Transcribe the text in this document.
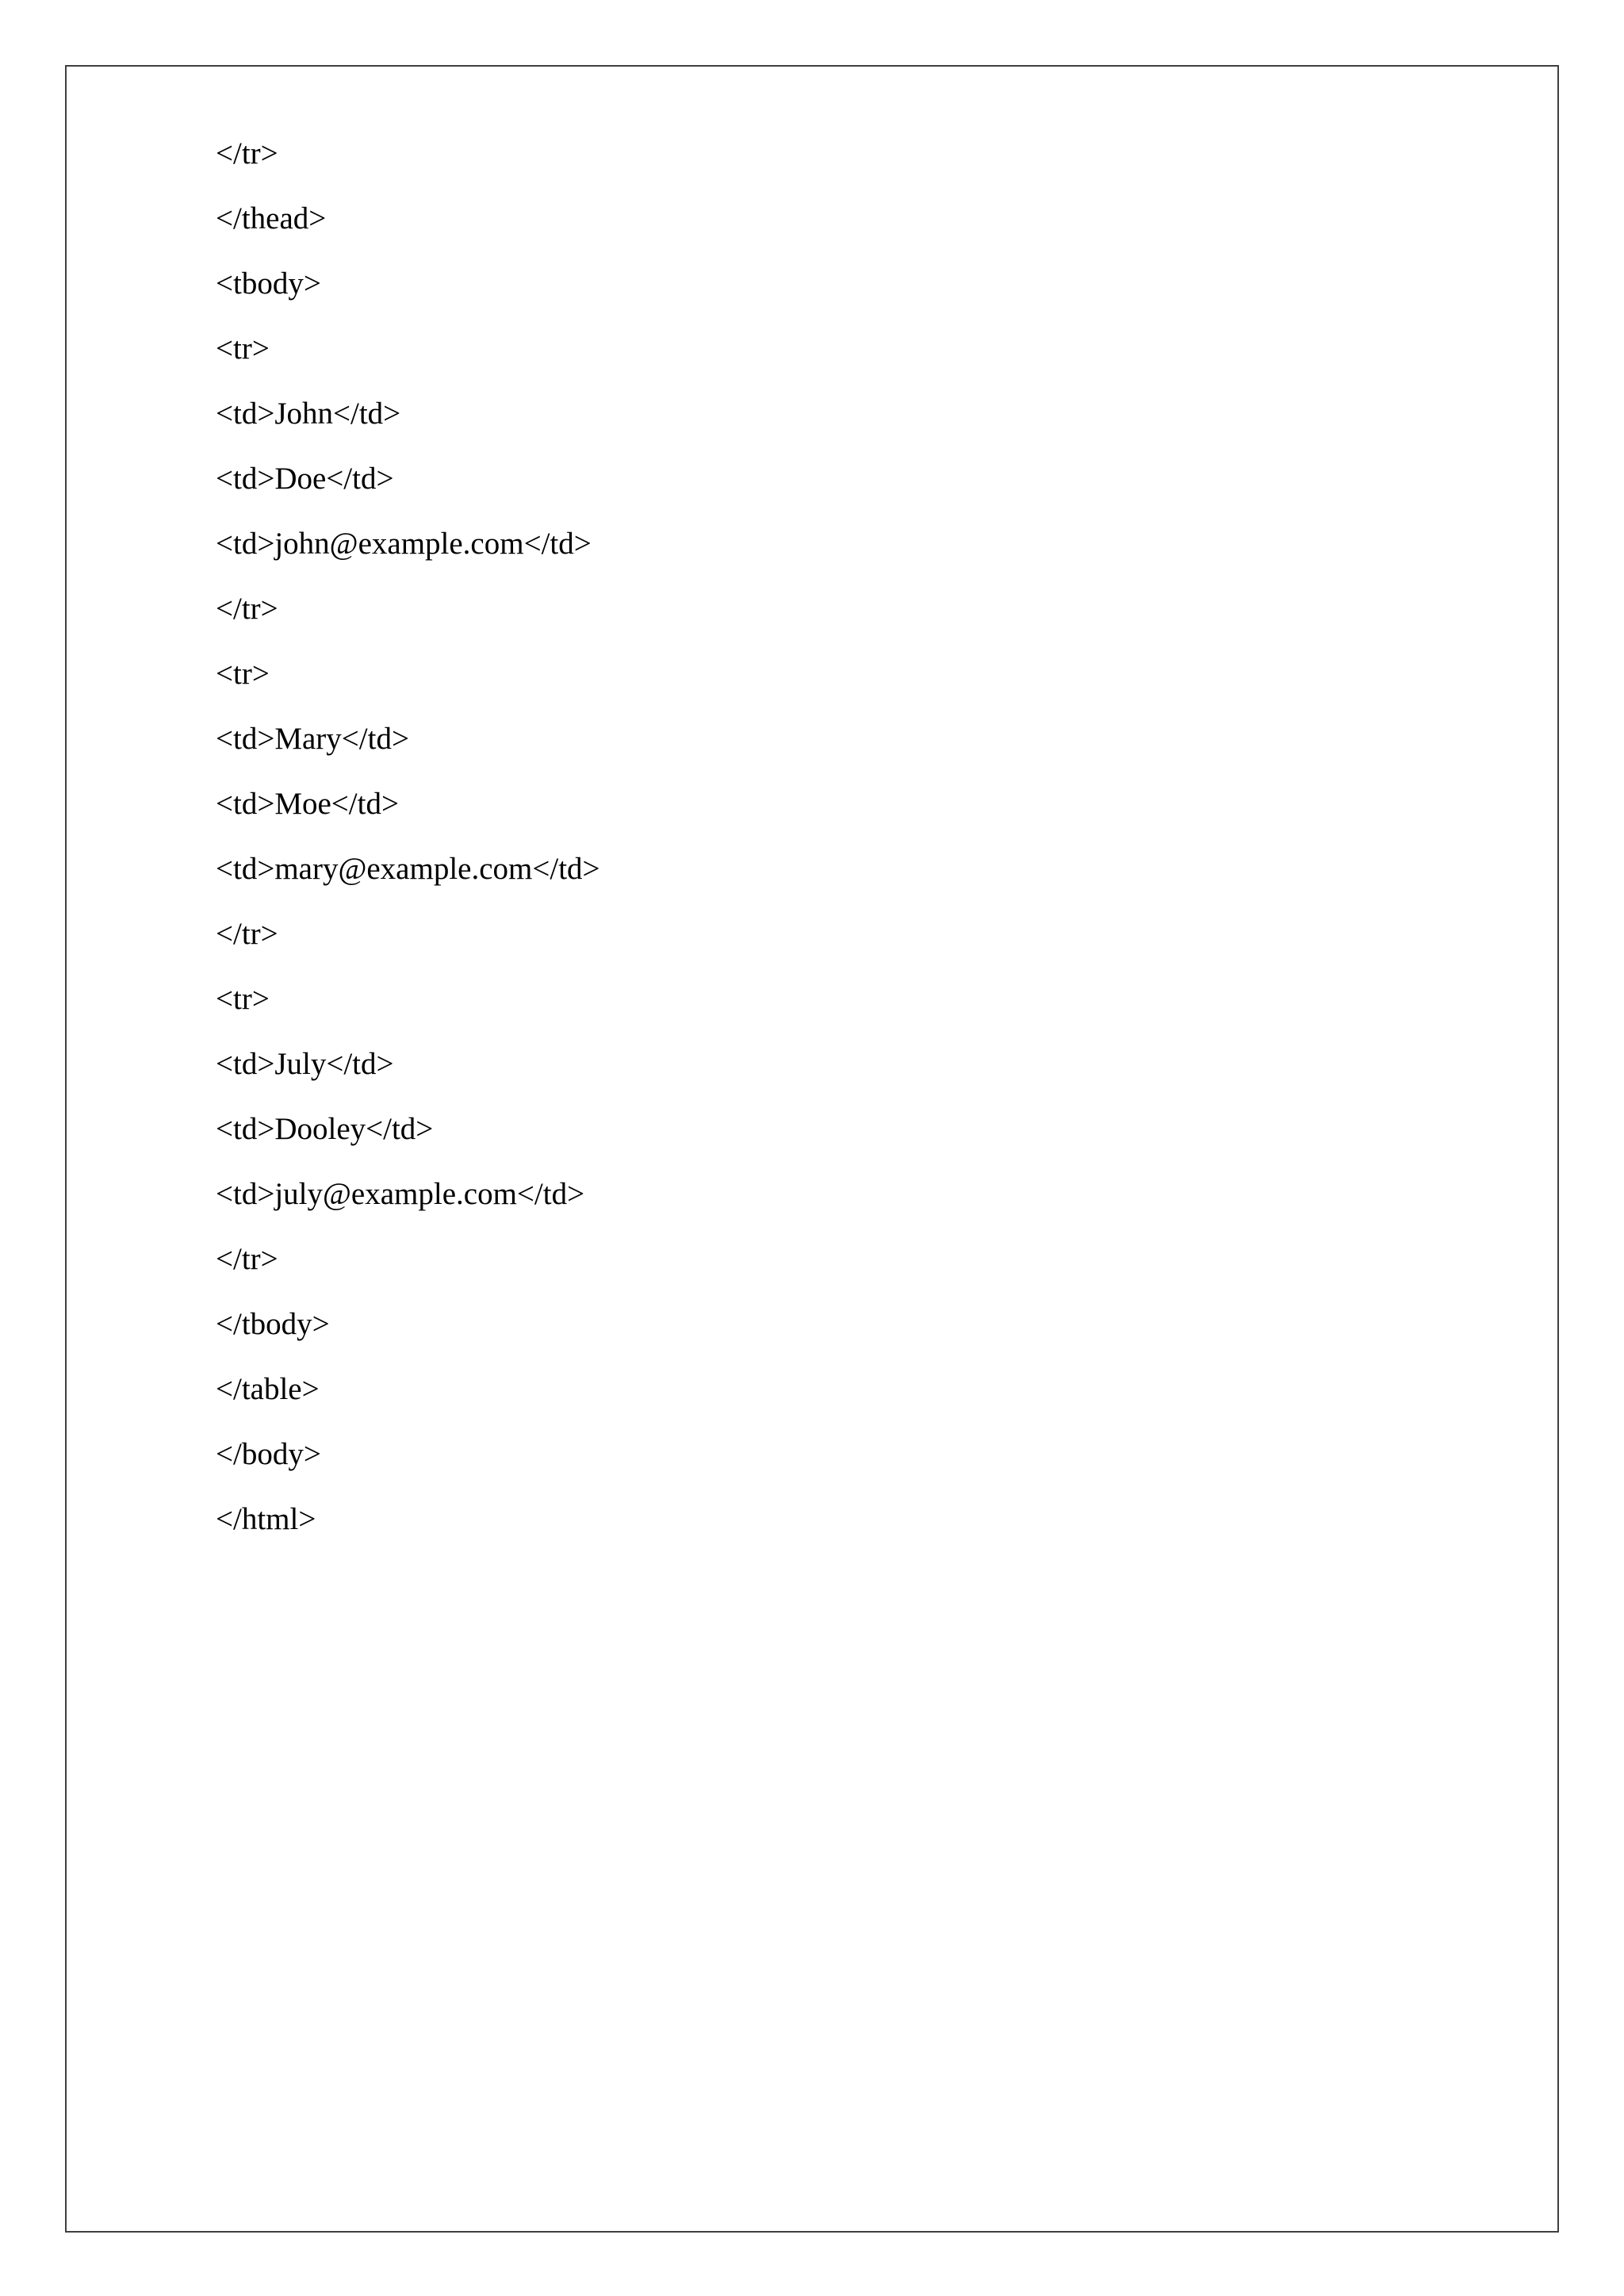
</tr>
</thead>
<tbody>
<tr>
<td>John</td>
<td>Doe</td>
<td>john@example.com</td>
</tr>
<tr>
<td>Mary</td>
<td>Moe</td>
<td>mary@example.com</td>
</tr>
<tr>
<td>July</td>
<td>Dooley</td>
<td>july@example.com</td>
</tr>
</tbody>
</table>
</body>
</html>
